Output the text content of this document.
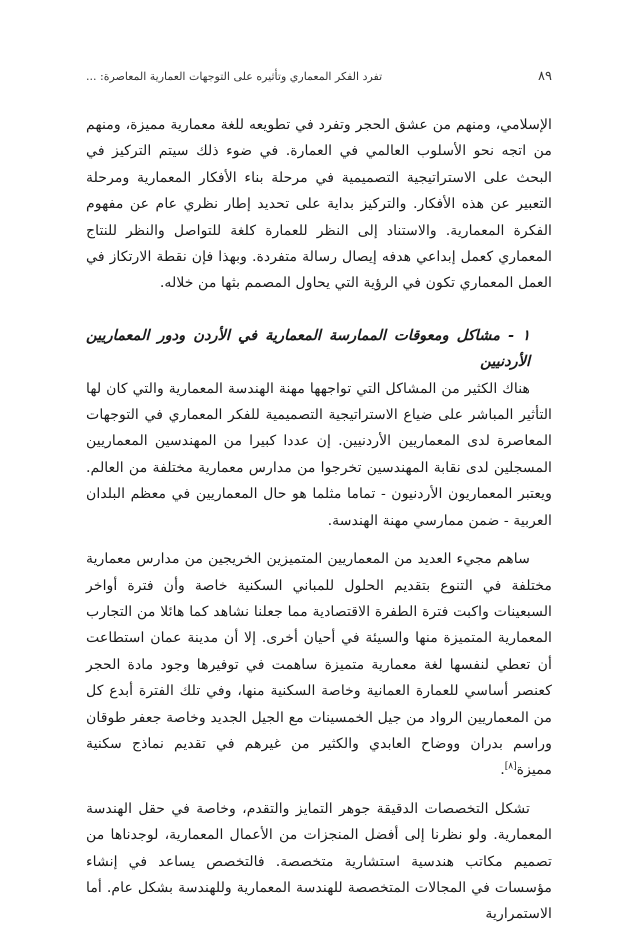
٨٩
تفرد الفكر المعماري وتأثيره على التوجهات العمارية المعاصرة: ...

الإسلامي، ومنهم من عشق الحجر وتفرد في تطويعه للغة معمارية مميزة، ومنهم من اتجه نحو الأسلوب العالمي في العمارة. في ضوء ذلك سيتم التركيز في البحث على الاستراتيجية التصميمية في مرحلة بناء الأفكار المعمارية ومرحلة التعبير عن هذه الأفكار. والتركيز بداية على تحديد إطار نظري عام عن مفهوم الفكرة المعمارية. والاستناد إلى النظر للعمارة كلغة للتواصل والنظر للنتاج المعماري كعمل إبداعي هدفه إيصال رسالة متفردة. وبهذا فإن نقطة الارتكاز في العمل المعماري تكون في الرؤية التي يحاول المصمم بثها من خلاله.

١ - مشاكل ومعوقات الممارسة المعمارية في الأردن ودور المعماريين الأردنيين

هناك الكثير من المشاكل التي تواجهها مهنة الهندسة المعمارية والتي كان لها التأثير المباشر على ضياع الاستراتيجية التصميمية للفكر المعماري في التوجهات المعاصرة لدى المعماريين الأردنيين. إن عددا كبيرا من المهندسين المعماريين المسجلين لدى نقابة المهندسين تخرجوا من مدارس معمارية مختلفة من العالم. ويعتبر المعماريون الأردنيون - تماما مثلما هو حال المعماريين في معظم البلدان العربية - ضمن ممارسي مهنة الهندسة.

ساهم مجيء العديد من المعماريين المتميزين الخريجين من مدارس معمارية مختلفة في التنوع بتقديم الحلول للمباني السكنية خاصة وأن فترة أواخر السبعينات واكبت فترة الطفرة الاقتصادية مما جعلنا نشاهد كما هائلا من التجارب المعمارية المتميزة منها والسيئة في أحيان أخرى. إلا أن مدينة عمان استطاعت أن تعطي لنفسها لغة معمارية متميزة ساهمت في توفيرها وجود مادة الحجر كعنصر أساسي للعمارة العمانية وخاصة السكنية منها، وفي تلك الفترة أبدع كل من المعماريين الرواد من جيل الخمسينات مع الجيل الجديد وخاصة جعفر طوقان وراسم بدران ووضاح العابدي والكثير من غيرهم في تقديم نماذج سكنية مميزة[٨].

تشكل التخصصات الدقيقة جوهر التمايز والتقدم، وخاصة في حقل الهندسة المعمارية. ولو نظرنا إلى أفضل المنجزات من الأعمال المعمارية، لوجدناها من تصميم مكاتب هندسية استشارية متخصصة. فالتخصص يساعد في إنشاء مؤسسات في المجالات المتخصصة للهندسة المعمارية وللهندسة بشكل عام. أما الاستمرارية
